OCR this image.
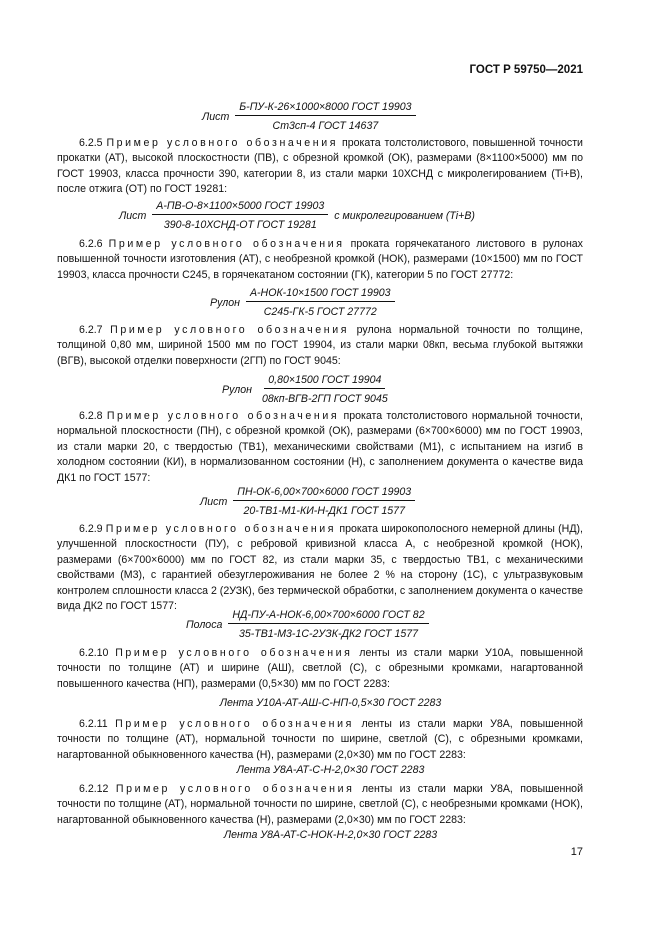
ГОСТ Р 59750—2021
Лист
Б-ПУ-К-26×1000×8000 ГОСТ 19903
Ст3сп-4 ГОСТ 14637

6.2.5 Пример условного обозначения проката толстолистового, повышенной точности прокатки (АТ), высокой плоскостности (ПВ), с обрезной кромкой (ОК), размерами (8×1100×5000) мм по ГОСТ 19903, класса прочности 390, категории 8, из стали марки 10ХСНД с микролегированием (Ti+B), после отжига (ОТ) по ГОСТ 19281:

Лист
А-ПВ-О-8×1100×5000 ГОСТ 19903
390-8-10ХСНД-ОТ ГОСТ 19281
с микролегированием (Ti+B)

6.2.6 Пример условного обозначения проката горячекатаного листового в рулонах повышенной точности изготовления (АТ), с необрезной кромкой (НОК), размерами (10×1500) мм по ГОСТ 19903, класса прочности С245, в горячекатаном состоянии (ГК), категории 5 по ГОСТ 27772:

Рулон
А-НОК-10×1500 ГОСТ 19903
С245-ГК-5 ГОСТ 27772

6.2.7 Пример условного обозначения рулона нормальной точности по толщине, толщиной 0,80 мм, шириной 1500 мм по ГОСТ 19904, из стали марки 08кп, весьма глубокой вытяжки (ВГВ), высокой отделки поверхности (2ГП) по ГОСТ 9045:

Рулон
0,80×1500 ГОСТ 19904
08кп-ВГВ-2ГП ГОСТ 9045

6.2.8 Пример условного обозначения проката толстолистового нормальной точности, нормальной плоскостности (ПН), с обрезной кромкой (ОК), размерами (6×700×6000) мм по ГОСТ 19903, из стали марки 20, с твердостью (ТВ1), механическими свойствами (М1), с испытанием на изгиб в холодном состоянии (КИ), в нормализованном состоянии (Н), с заполнением документа о качестве вида ДК1 по ГОСТ 1577:

Лист
ПН-ОК-6,00×700×6000 ГОСТ 19903
20-ТВ1-М1-КИ-Н-ДК1 ГОСТ 1577

6.2.9 Пример условного обозначения проката широкополосного немерной длины (НД), улучшенной плоскостности (ПУ), с ребровой кривизной класса А, с необрезной кромкой (НОК), размерами (6×700×6000) мм по ГОСТ 82, из стали марки 35, с твердостью ТВ1, с механическими свойствами (М3), с гарантией обезуглероживания не более 2 % на сторону (1С), с ультразвуковым контролем сплошности класса 2 (2УЗК), без термической обработки, с заполнением документа о качестве вида ДК2 по ГОСТ 1577:

Полоса
НД-ПУ-А-НОК-6,00×700×6000 ГОСТ 82
35-ТВ1-М3-1С-2УЗК-ДК2 ГОСТ 1577

6.2.10 Пример условного обозначения ленты из стали марки У10А, повышенной точности по толщине (АТ) и ширине (АШ), светлой (С), с обрезными кромками, нагартованной повышенного качества (НП), размерами (0,5×30) мм по ГОСТ 2283:

Лента У10А-АТ-АШ-С-НП-0,5×30 ГОСТ 2283

6.2.11 Пример условного обозначения ленты из стали марки У8А, повышенной точности по толщине (АТ), нормальной точности по ширине, светлой (С), с обрезными кромками, нагартованной обыкновенного качества (Н), размерами (2,0×30) мм по ГОСТ 2283:

Лента У8А-АТ-С-Н-2,0×30 ГОСТ 2283

6.2.12 Пример условного обозначения ленты из стали марки У8А, повышенной точности по толщине (АТ), нормальной точности по ширине, светлой (С), с необрезными кромками (НОК), нагартованной обыкновенного качества (Н), размерами (2,0×30) мм по ГОСТ 2283:

Лента У8А-АТ-С-НОК-Н-2,0×30 ГОСТ 2283
17
